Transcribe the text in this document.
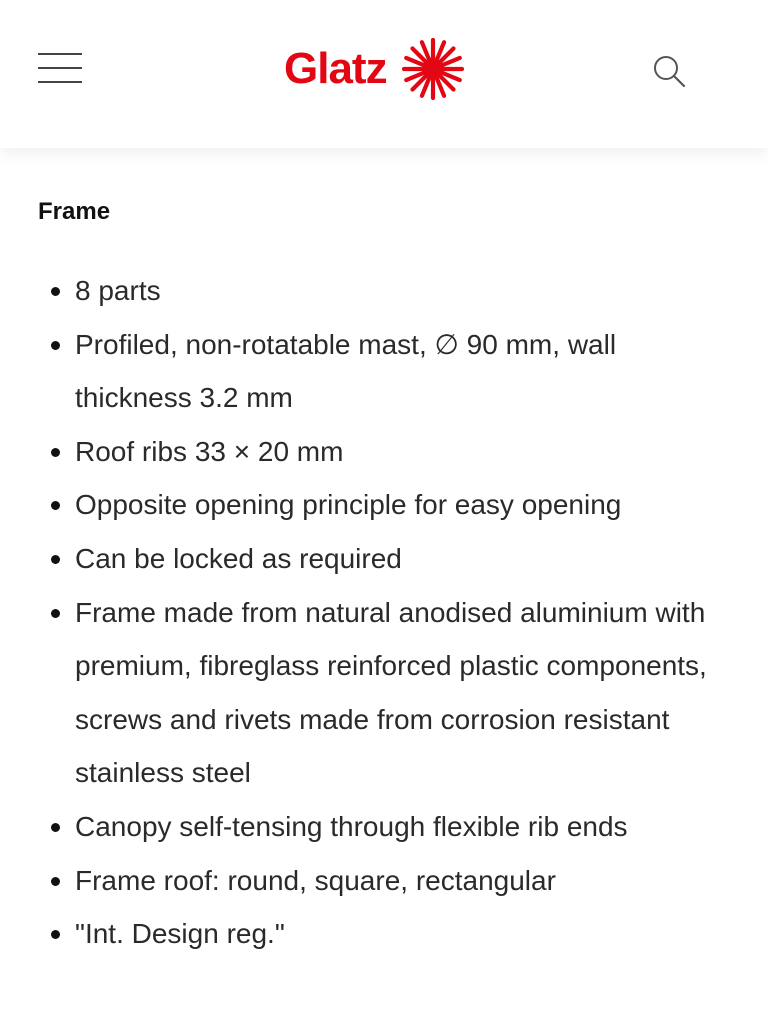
Glatz
Frame
8 parts
Profiled, non-rotatable mast, ∅ 90 mm, wall thickness 3.2 mm
Roof ribs 33 × 20 mm
Opposite opening principle for easy opening
Can be locked as required
Frame made from natural anodised aluminium with premium, fibreglass reinforced plastic components, screws and rivets made from corrosion resistant stainless steel
Canopy self-tensing through flexible rib ends
Frame roof: round, square, rectangular
"Int. Design reg."
